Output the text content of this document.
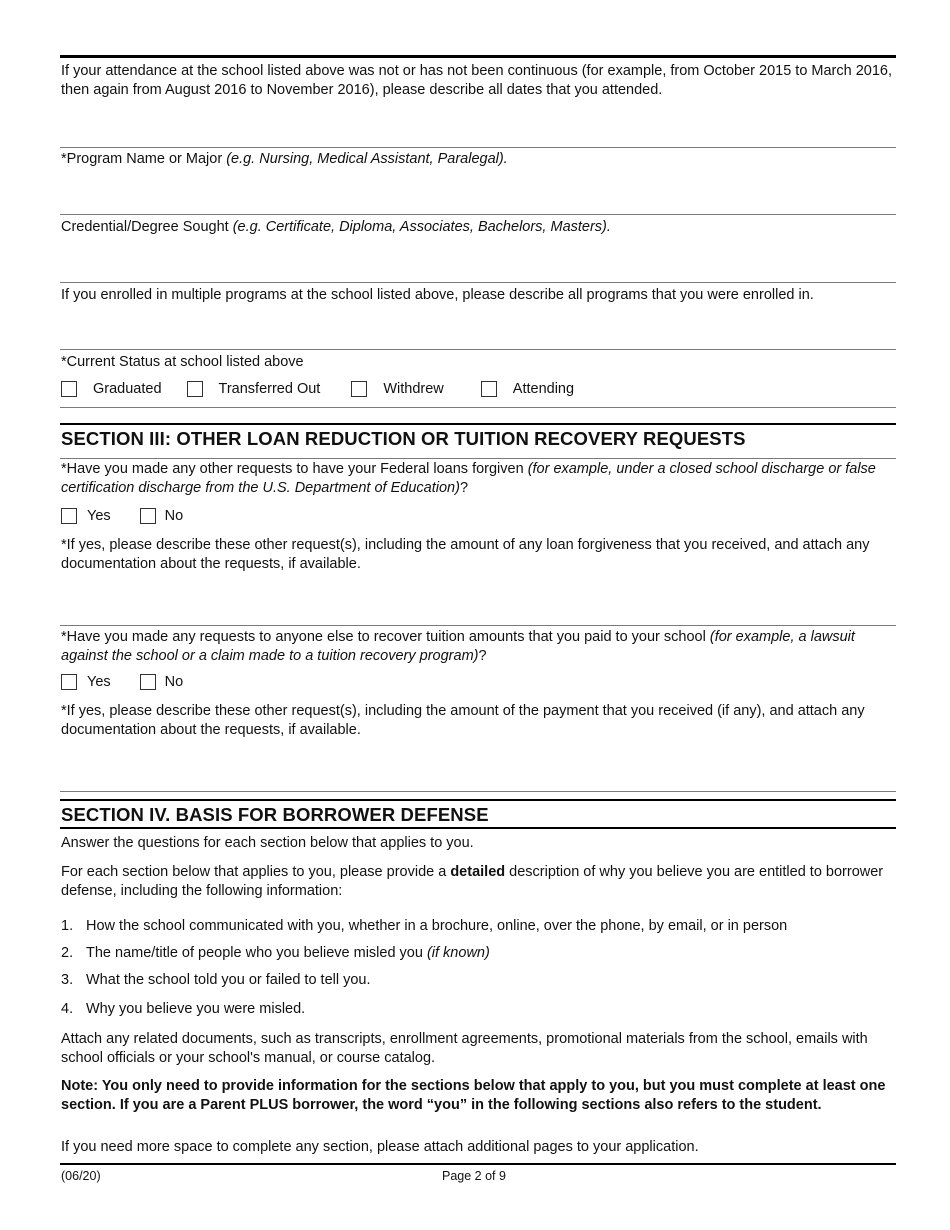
If your attendance at the school listed above was not or has not been continuous (for example, from October 2015 to March 2016, then again from August 2016 to November 2016), please describe all dates that you attended.
*Program Name or Major (e.g. Nursing, Medical Assistant, Paralegal).
Credential/Degree Sought (e.g. Certificate, Diploma, Associates, Bachelors, Masters).
If you enrolled in multiple programs at the school listed above, please describe all programs that you were enrolled in.
*Current Status at school listed above
Graduated	Transferred Out	Withdrew	Attending
SECTION III: OTHER LOAN REDUCTION OR TUITION RECOVERY REQUESTS
*Have you made any other requests to have your Federal loans forgiven (for example, under a closed school discharge or false certification discharge from the U.S. Department of Education)?
Yes	No
*If yes, please describe these other request(s), including the amount of any loan forgiveness that you received, and attach any documentation about the requests, if available.
*Have you made any requests to anyone else to recover tuition amounts that you paid to your school (for example, a lawsuit against the school or a claim made to a tuition recovery program)?
Yes	No
*If yes, please describe these other request(s), including the amount of the payment that you received (if any), and attach any documentation about the requests, if available.
SECTION IV. BASIS FOR BORROWER DEFENSE
Answer the questions for each section below that applies to you.
For each section below that applies to you, please provide a detailed description of why you believe you are entitled to borrower defense, including the following information:
1. How the school communicated with you, whether in a brochure, online, over the phone, by email, or in person
2. The name/title of people who you believe misled you (if known)
3. What the school told you or failed to tell you.
4. Why you believe you were misled.
Attach any related documents, such as transcripts, enrollment agreements, promotional materials from the school, emails with school officials or your school's manual, or course catalog.
Note: You only need to provide information for the sections below that apply to you, but you must complete at least one section. If you are a Parent PLUS borrower, the word “you” in the following sections also refers to the student.
If you need more space to complete any section, please attach additional pages to your application.
(06/20)	Page 2 of 9
